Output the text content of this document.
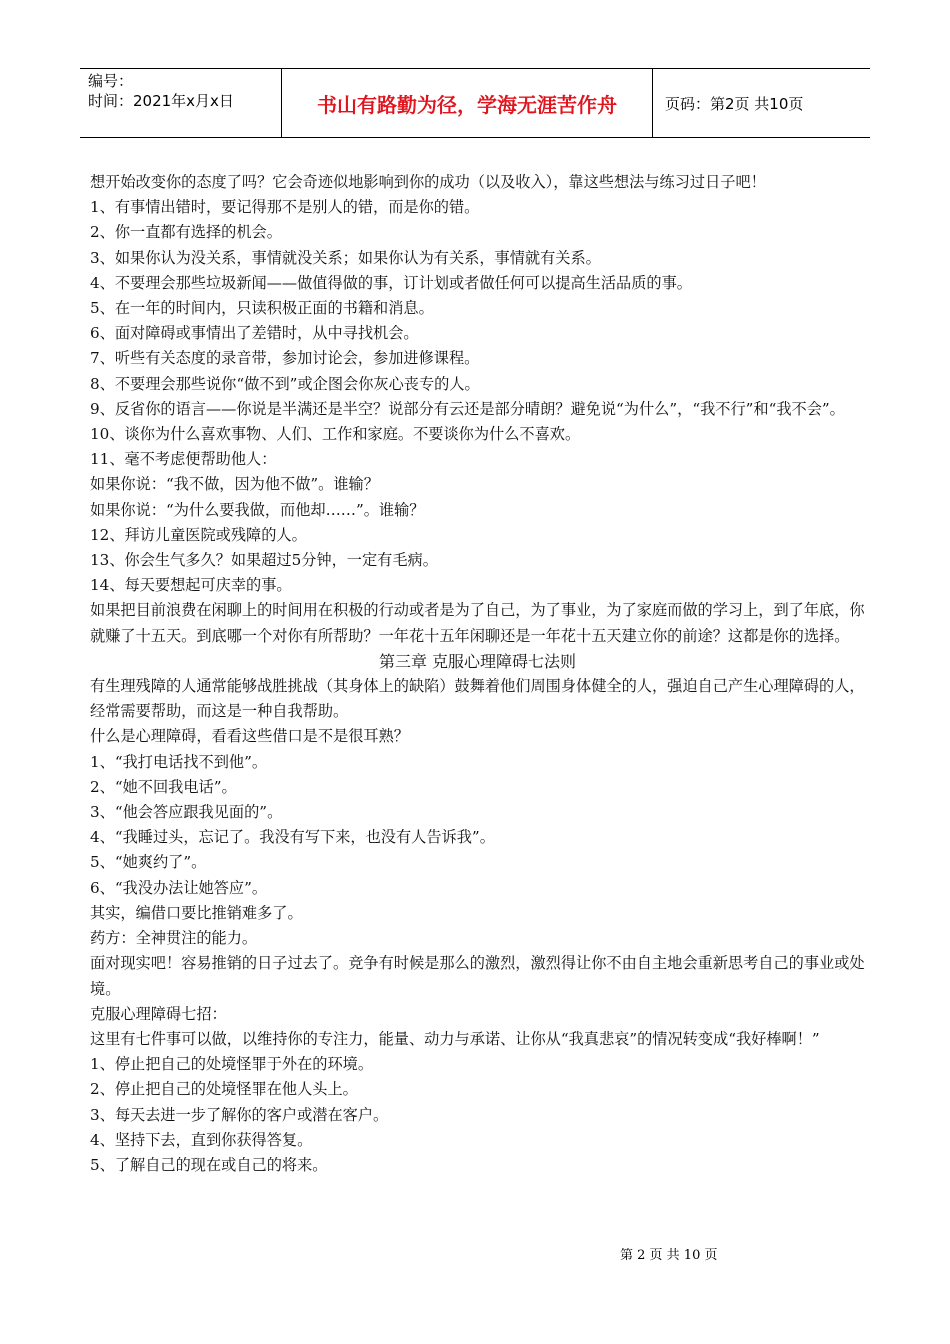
编号：
时间：2021年x月x日	书山有路勤为径，学海无涯苦作舟	页码：第2页 共10页

想开始改变你的态度了吗？它会奇迹似地影响到你的成功（以及收入），靠这些想法与练习过日子吧！

1、有事情出错时，要记得那不是别人的错，而是你的错。

2、你一直都有选择的机会。

3、如果你认为没关系，事情就没关系；如果你认为有关系，事情就有关系。

4、不要理会那些垃圾新闻——做值得做的事，订计划或者做任何可以提高生活品质的事。

5、在一年的时间内，只读积极正面的书籍和消息。

6、面对障碍或事情出了差错时，从中寻找机会。

7、听些有关态度的录音带，参加讨论会，参加进修课程。

8、不要理会那些说你“做不到”或企图会你灰心丧专的人。

9、反省你的语言——你说是半满还是半空？说部分有云还是部分晴朗？避免说“为什么”，“我不行”和“我不会”。

10、谈你为什么喜欢事物、人们、工作和家庭。不要谈你为什么不喜欢。

11、毫不考虑便帮助他人：

如果你说：“我不做，因为他不做”。谁输？

如果你说：“为什么要我做，而他却……”。谁输？

12、拜访儿童医院或残障的人。

13、你会生气多久？如果超过5分钟，一定有毛病。

14、每天要想起可庆幸的事。

如果把目前浪费在闲聊上的时间用在积极的行动或者是为了自己，为了事业，为了家庭而做的学习上，到了年底，你就赚了十五天。到底哪一个对你有所帮助？一年花十五年闲聊还是一年花十五天建立你的前途？这都是你的选择。

第三章 克服心理障碍七法则

有生理残障的人通常能够战胜挑战（其身体上的缺陷）鼓舞着他们周围身体健全的人，强迫自己产生心理障碍的人，经常需要帮助，而这是一种自我帮助。

什么是心理障碍，看看这些借口是不是很耳熟？

1、“我打电话找不到他”。

2、“她不回我电话”。

3、“他会答应跟我见面的”。

4、“我睡过头，忘记了。我没有写下来，也没有人告诉我”。

5、“她爽约了”。

6、“我没办法让她答应”。

其实，编借口要比推销难多了。

药方：全神贯注的能力。

面对现实吧！容易推销的日子过去了。竞争有时候是那么的激烈，激烈得让你不由自主地会重新思考自己的事业或处境。

克服心理障碍七招：

这里有七件事可以做，以维持你的专注力，能量、动力与承诺、让你从“我真悲哀”的情况转变成“我好棒啊！”

1、停止把自己的处境怪罪于外在的环境。

2、停止把自己的处境怪罪在他人头上。

3、每天去进一步了解你的客户或潜在客户。

4、坚持下去，直到你获得答复。

5、了解自己的现在或自己的将来。

第 2 页 共 10 页
